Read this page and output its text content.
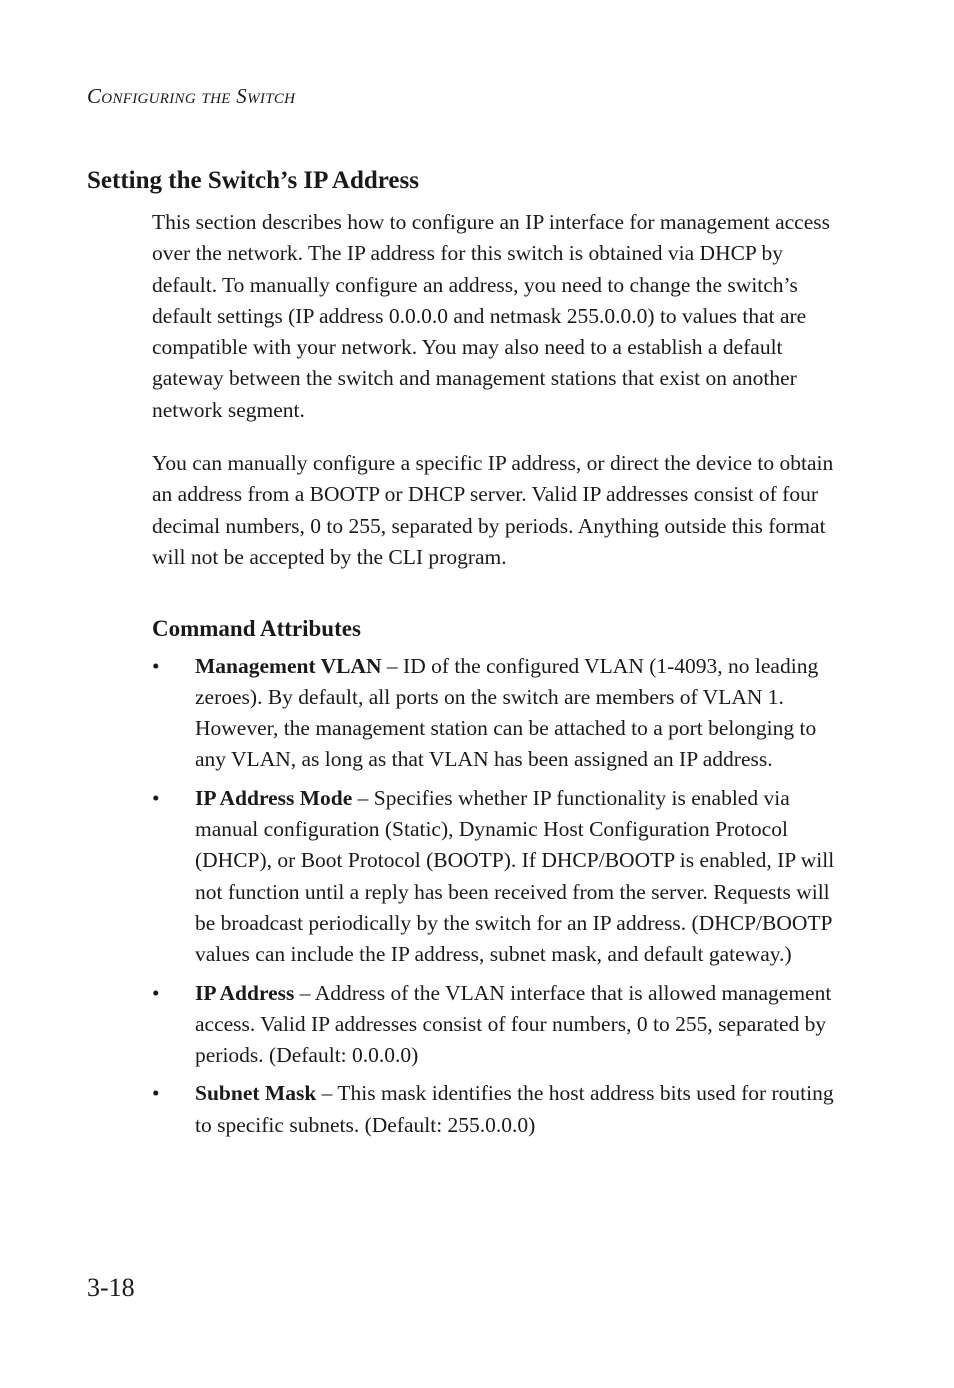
Configuring the Switch
Setting the Switch’s IP Address

This section describes how to configure an IP interface for management access over the network. The IP address for this switch is obtained via DHCP by default. To manually configure an address, you need to change the switch’s default settings (IP address 0.0.0.0 and netmask 255.0.0.0) to values that are compatible with your network. You may also need to a establish a default gateway between the switch and management stations that exist on another network segment.

You can manually configure a specific IP address, or direct the device to obtain an address from a BOOTP or DHCP server. Valid IP addresses consist of four decimal numbers, 0 to 255, separated by periods. Anything outside this format will not be accepted by the CLI program.

Command Attributes
• Management VLAN – ID of the configured VLAN (1-4093, no leading zeroes). By default, all ports on the switch are members of VLAN 1. However, the management station can be attached to a port belonging to any VLAN, as long as that VLAN has been assigned an IP address.
• IP Address Mode – Specifies whether IP functionality is enabled via manual configuration (Static), Dynamic Host Configuration Protocol (DHCP), or Boot Protocol (BOOTP). If DHCP/BOOTP is enabled, IP will not function until a reply has been received from the server. Requests will be broadcast periodically by the switch for an IP address. (DHCP/BOOTP values can include the IP address, subnet mask, and default gateway.)
• IP Address – Address of the VLAN interface that is allowed management access. Valid IP addresses consist of four numbers, 0 to 255, separated by periods. (Default: 0.0.0.0)
• Subnet Mask – This mask identifies the host address bits used for routing to specific subnets. (Default: 255.0.0.0)
3-18
